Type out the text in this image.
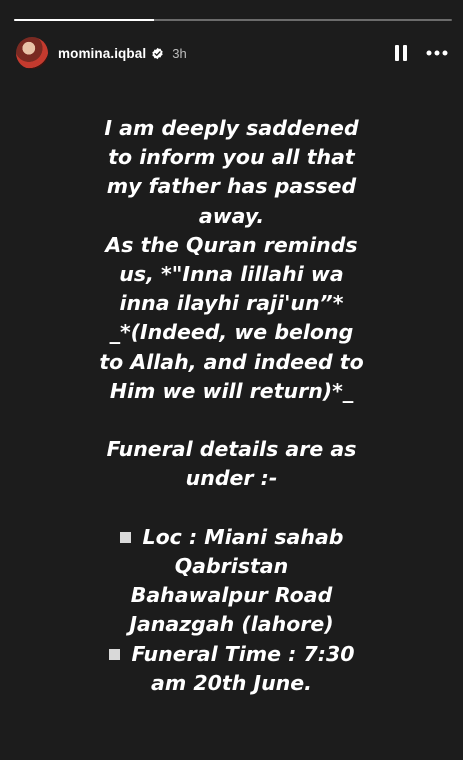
momina.iqbal 3h
I am deeply saddened
to inform you all that
my father has passed
away.
As the Quran reminds
us, *"Inna lillahi wa
inna ilayhi raji'un”*
_*(Indeed, we belong
to Allah, and indeed to
Him we will return)*_
Funeral details are as
under :-
Loc : Miani sahab
Qabristan
Bahawalpur Road
Janazgah (lahore)
Funeral Time : 7:30
am 20th June.
